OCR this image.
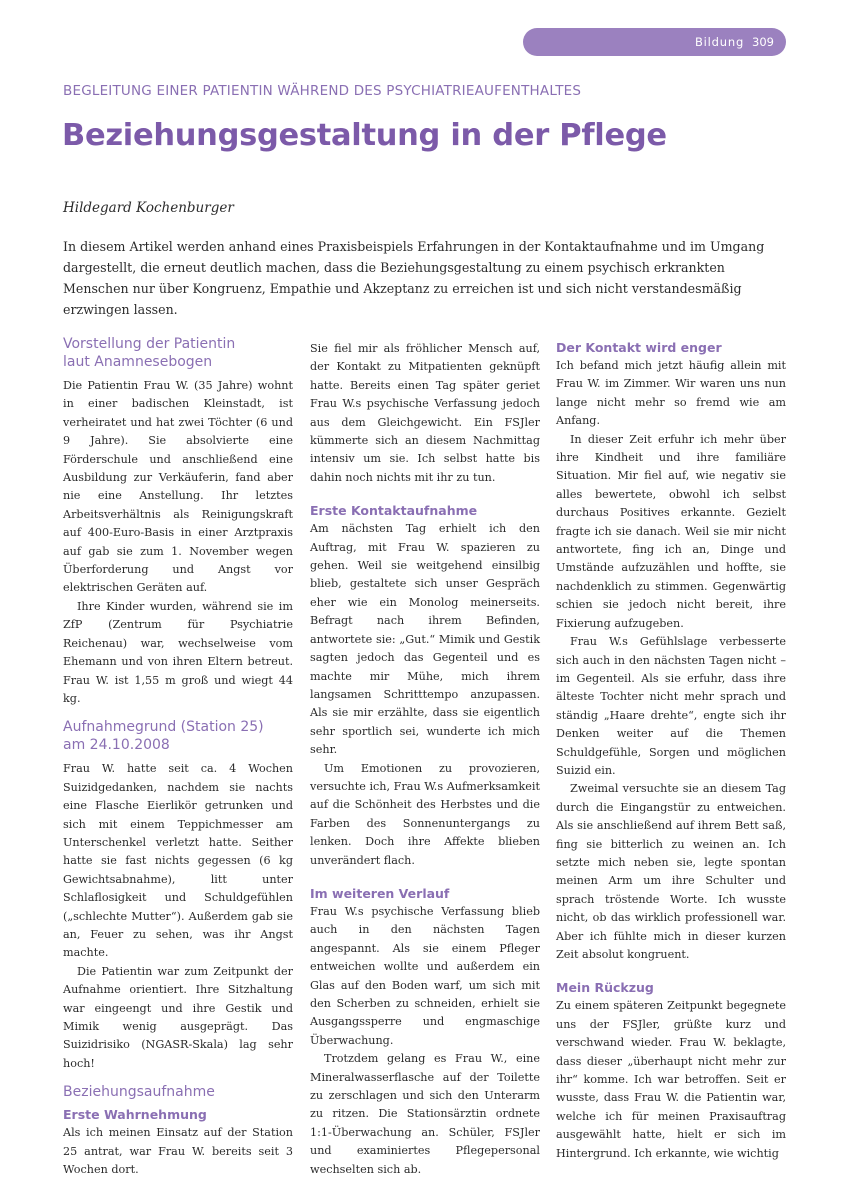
Bildung 309
BEGLEITUNG EINER PATIENTIN WÄHREND DES PSYCHIATRIEAUFENTHALTES
Beziehungsgestaltung in der Pflege
Hildegard Kochenburger

In diesem Artikel werden anhand eines Praxisbeispiels Erfahrungen in der Kontaktaufnahme und im Umgang dargestellt, die erneut deutlich machen, dass die Beziehungsgestaltung zu einem psychisch erkrankten Menschen nur über Kongruenz, Empathie und Akzeptanz zu erreichen ist und sich nicht verstandesmäßig erzwingen lassen.

Vorstellung der Patientin laut Anamnesebogen

Die Patientin Frau W. (35 Jahre) wohnt in einer badischen Kleinstadt, ist verheiratet und hat zwei Töchter (6 und 9 Jahre). Sie absolvierte eine Förderschule und anschließend eine Ausbildung zur Verkäuferin, fand aber nie eine Anstellung. Ihr letztes Arbeitsverhältnis als Reinigungskraft auf 400-Euro-Basis in einer Arztpraxis auf gab sie zum 1. November wegen Überforderung und Angst vor elektrischen Geräten auf.

Ihre Kinder wurden, während sie im ZfP (Zentrum für Psychiatrie Reichenau) war, wechselweise vom Ehemann und von ihren Eltern betreut. Frau W. ist 1,55 m groß und wiegt 44 kg.

Aufnahmegrund (Station 25) am 24.10.2008

Frau W. hatte seit ca. 4 Wochen Suizidgedanken, nachdem sie nachts eine Flasche Eierlikör getrunken und sich mit einem Teppichmesser am Unterschenkel verletzt hatte. Seither hatte sie fast nichts gegessen (6 kg Gewichtsabnahme), litt unter Schlaflosigkeit und Schuldgefühlen („schlechte Mutter“). Außerdem gab sie an, Feuer zu sehen, was ihr Angst machte.

Die Patientin war zum Zeitpunkt der Aufnahme orientiert. Ihre Sitzhaltung war eingeengt und ihre Gestik und Mimik wenig ausgeprägt. Das Suizidrisiko (NGASR-Skala) lag sehr hoch!

Beziehungsaufnahme
Erste Wahrnehmung

Als ich meinen Einsatz auf der Station 25 antrat, war Frau W. bereits seit 3 Wochen dort.

Sie fiel mir als fröhlicher Mensch auf, der Kontakt zu Mitpatienten geknüpft hatte. Bereits einen Tag später geriet Frau W.s psychische Verfassung jedoch aus dem Gleichgewicht. Ein FSJler kümmerte sich an diesem Nachmittag intensiv um sie. Ich selbst hatte bis dahin noch nichts mit ihr zu tun.

Erste Kontaktaufnahme

Am nächsten Tag erhielt ich den Auftrag, mit Frau W. spazieren zu gehen. Weil sie weitgehend einsilbig blieb, gestaltete sich unser Gespräch eher wie ein Monolog meinerseits. Befragt nach ihrem Befinden, antwortete sie: „Gut.“ Mimik und Gestik sagten jedoch das Gegenteil und es machte mir Mühe, mich ihrem langsamen Schritttempo anzupassen. Als sie mir erzählte, dass sie eigentlich sehr sportlich sei, wunderte ich mich sehr.

Um Emotionen zu provozieren, versuchte ich, Frau W.s Aufmerksamkeit auf die Schönheit des Herbstes und die Farben des Sonnenuntergangs zu lenken. Doch ihre Affekte blieben unverändert flach.

Im weiteren Verlauf

Frau W.s psychische Verfassung blieb auch in den nächsten Tagen angespannt. Als sie einem Pfleger entweichen wollte und außerdem ein Glas auf den Boden warf, um sich mit den Scherben zu schneiden, erhielt sie Ausgangssperre und engmaschige Überwachung.

Trotzdem gelang es Frau W., eine Mineralwasserflasche auf der Toilette zu zerschlagen und sich den Unterarm zu ritzen. Die Stationsärztin ordnete 1:1-Überwachung an. Schüler, FSJler und examiniertes Pflegepersonal wechselten sich ab.

Der Kontakt wird enger

Ich befand mich jetzt häufig allein mit Frau W. im Zimmer. Wir waren uns nun lange nicht mehr so fremd wie am Anfang.

In dieser Zeit erfuhr ich mehr über ihre Kindheit und ihre familiäre Situation. Mir fiel auf, wie negativ sie alles bewertete, obwohl ich selbst durchaus Positives erkannte. Gezielt fragte ich sie danach. Weil sie mir nicht antwortete, fing ich an, Dinge und Umstände aufzuzählen und hoffte, sie nachdenklich zu stimmen. Gegenwärtig schien sie jedoch nicht bereit, ihre Fixierung aufzugeben.

Frau W.s Gefühlslage verbesserte sich auch in den nächsten Tagen nicht – im Gegenteil. Als sie erfuhr, dass ihre älteste Tochter nicht mehr sprach und ständig „Haare drehte“, engte sich ihr Denken weiter auf die Themen Schuldgefühle, Sorgen und möglichen Suizid ein.

Zweimal versuchte sie an diesem Tag durch die Eingangstür zu entweichen. Als sie anschließend auf ihrem Bett saß, fing sie bitterlich zu weinen an. Ich setzte mich neben sie, legte spontan meinen Arm um ihre Schulter und sprach tröstende Worte. Ich wusste nicht, ob das wirklich professionell war. Aber ich fühlte mich in dieser kurzen Zeit absolut kongruent.

Mein Rückzug

Zu einem späteren Zeitpunkt begegnete uns der FSJler, grüßte kurz und verschwand wieder. Frau W. beklagte, dass dieser „überhaupt nicht mehr zur ihr“ komme. Ich war betroffen. Seit er wusste, dass Frau W. die Patientin war, welche ich für meinen Praxisauftrag ausgewählt hatte, hielt er sich im Hintergrund. Ich erkannte, wie wichtig
